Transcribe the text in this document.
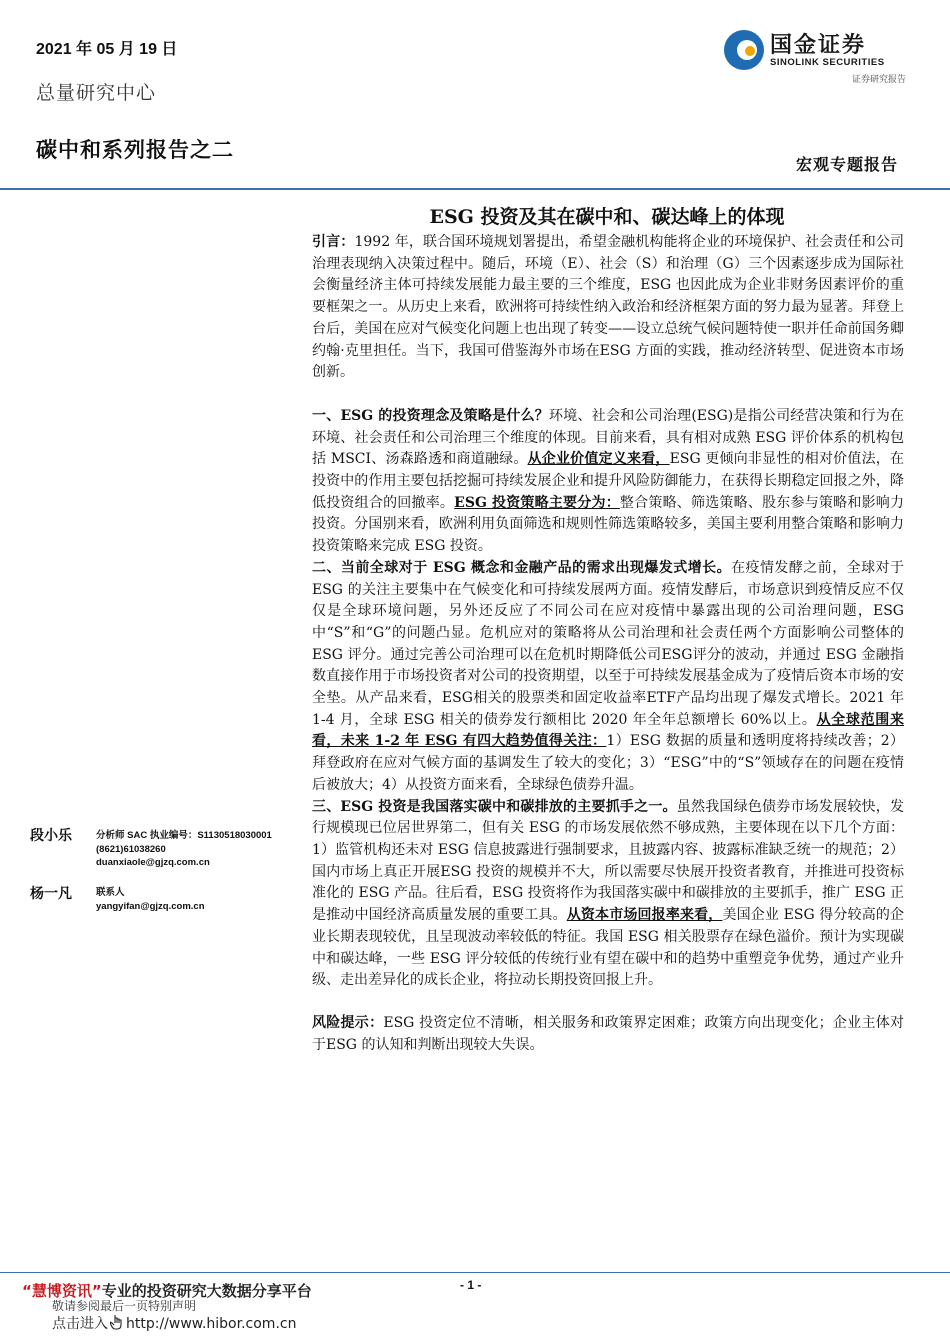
2021 年 05 月 19 日
总量研究中心
碳中和系列报告之二
宏观专题报告
国金证券
SINOLINK SECURITIES
证券研究报告
ESG 投资及其在碳中和、碳达峰上的体现

引言：1992 年，联合国环境规划署提出，希望金融机构能将企业的环境保护、社会责任和公司治理表现纳入决策过程中。随后，环境（E）、社会（S）和治理（G）三个因素逐步成为国际社会衡量经济主体可持续发展能力最主要的三个维度，ESG 也因此成为企业非财务因素评价的重要框架之一。从历史上来看，欧洲将可持续性纳入政治和经济框架方面的努力最为显著。拜登上台后，美国在应对气候变化问题上也出现了转变——设立总统气候问题特使一职并任命前国务卿约翰·克里担任。当下，我国可借鉴海外市场在ESG 方面的实践，推动经济转型、促进资本市场创新。

一、ESG 的投资理念及策略是什么？环境、社会和公司治理(ESG)是指公司经营决策和行为在环境、社会责任和公司治理三个维度的体现。目前来看，具有相对成熟 ESG 评价体系的机构包括 MSCI、汤森路透和商道融绿。从企业价值定义来看，ESG 更倾向非显性的相对价值法，在投资中的作用主要包括挖掘可持续发展企业和提升风险防御能力，在获得长期稳定回报之外，降低投资组合的回撤率。ESG 投资策略主要分为：整合策略、筛选策略、股东参与策略和影响力投资。分国别来看，欧洲利用负面筛选和规则性筛选策略较多，美国主要利用整合策略和影响力投资策略来完成 ESG 投资。

二、当前全球对于 ESG 概念和金融产品的需求出现爆发式增长。在疫情发酵之前，全球对于 ESG 的关注主要集中在气候变化和可持续发展两方面。疫情发酵后，市场意识到疫情反应不仅仅是全球环境问题，另外还反应了不同公司在应对疫情中暴露出现的公司治理问题，ESG 中“S”和“G”的问题凸显。危机应对的策略将从公司治理和社会责任两个方面影响公司整体的 ESG 评分。通过完善公司治理可以在危机时期降低公司ESG评分的波动，并通过 ESG 金融指数直接作用于市场投资者对公司的投资期望，以至于可持续发展基金成为了疫情后资本市场的安全垫。从产品来看，ESG相关的股票类和固定收益率ETF产品均出现了爆发式增长。2021 年 1-4 月，全球 ESG 相关的债券发行额相比 2020 年全年总额增长 60%以上。从全球范围来看，未来 1-2 年 ESG 有四大趋势值得关注：1）ESG 数据的质量和透明度将持续改善；2）拜登政府在应对气候方面的基调发生了较大的变化；3）“ESG”中的“S”领域存在的问题在疫情后被放大；4）从投资方面来看，全球绿色债券升温。

三、ESG 投资是我国落实碳中和碳排放的主要抓手之一。虽然我国绿色债券市场发展较快，发行规模现已位居世界第二，但有关 ESG 的市场发展依然不够成熟，主要体现在以下几个方面：1）监管机构还未对 ESG 信息披露进行强制要求，且披露内容、披露标准缺乏统一的规范；2）国内市场上真正开展ESG 投资的规模并不大，所以需要尽快展开投资者教育，并推进可投资标准化的 ESG 产品。往后看，ESG 投资将作为我国落实碳中和碳排放的主要抓手，推广 ESG 正是推动中国经济高质量发展的重要工具。从资本市场回报率来看，美国企业 ESG 得分较高的企业长期表现较优，且呈现波动率较低的特征。我国 ESG 相关股票存在绿色溢价。预计为实现碳中和碳达峰，一些 ESG 评分较低的传统行业有望在碳中和的趋势中重塑竞争优势，通过产业升级、走出差异化的成长企业，将拉动长期投资回报上升。

风险提示：ESG 投资定位不清晰，相关服务和政策界定困难；政策方向出现变化；企业主体对于ESG 的认知和判断出现较大失误。

段小乐	分析师 SAC 执业编号：S1130518030001
(8621)61038260
duanxiaole@gjzq.com.cn
杨一凡	联系人
yangyifan@gjzq.com.cn
- 1 -
“慧博资讯”专业的投资研究大数据分享平台
敬请参阅最后一页特别声明
点击进入 http://www.hibor.com.cn
